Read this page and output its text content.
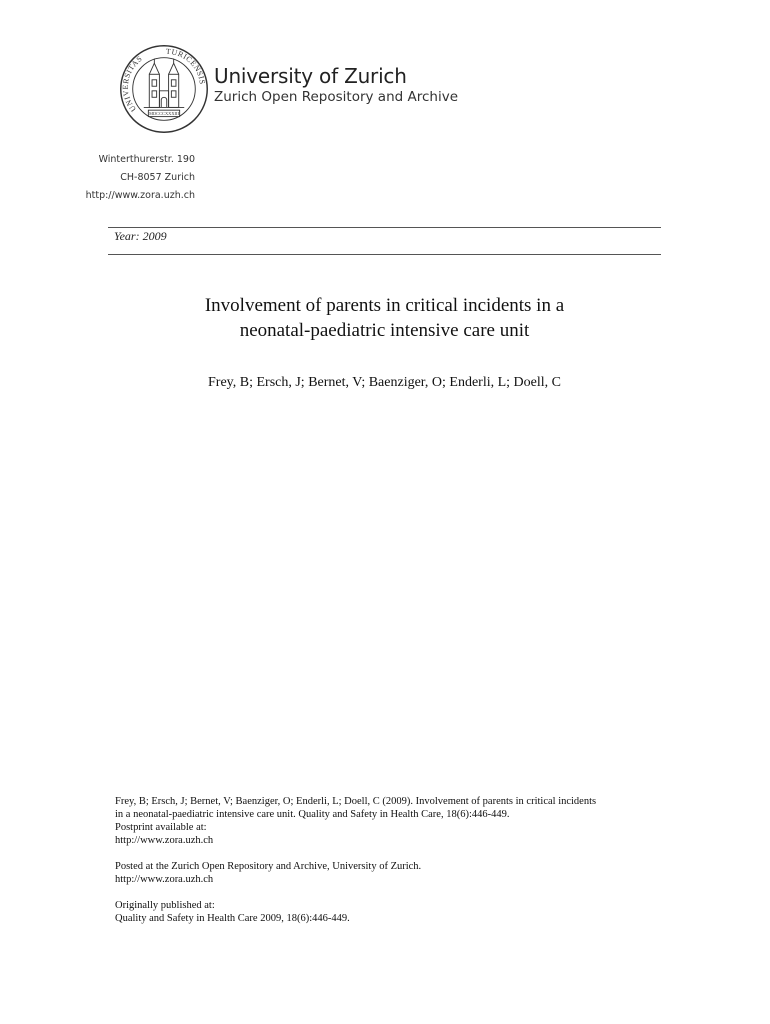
UNIVERSITAS
TURICENSIS
MDCCCXXXIII
University of Zurich
Zurich Open Repository and Archive
Winterthurerstr. 190
CH-8057 Zurich
http://www.zora.uzh.ch
Year: 2009
Involvement of parents in critical incidents in a
neonatal-paediatric intensive care unit
Frey, B; Ersch, J; Bernet, V; Baenziger, O; Enderli, L; Doell, C
Frey, B; Ersch, J; Bernet, V; Baenziger, O; Enderli, L; Doell, C (2009). Involvement of parents in critical incidents
in a neonatal-paediatric intensive care unit. Quality and Safety in Health Care, 18(6):446-449.
Postprint available at:
http://www.zora.uzh.ch
Posted at the Zurich Open Repository and Archive, University of Zurich.
http://www.zora.uzh.ch
Originally published at:
Quality and Safety in Health Care 2009, 18(6):446-449.
